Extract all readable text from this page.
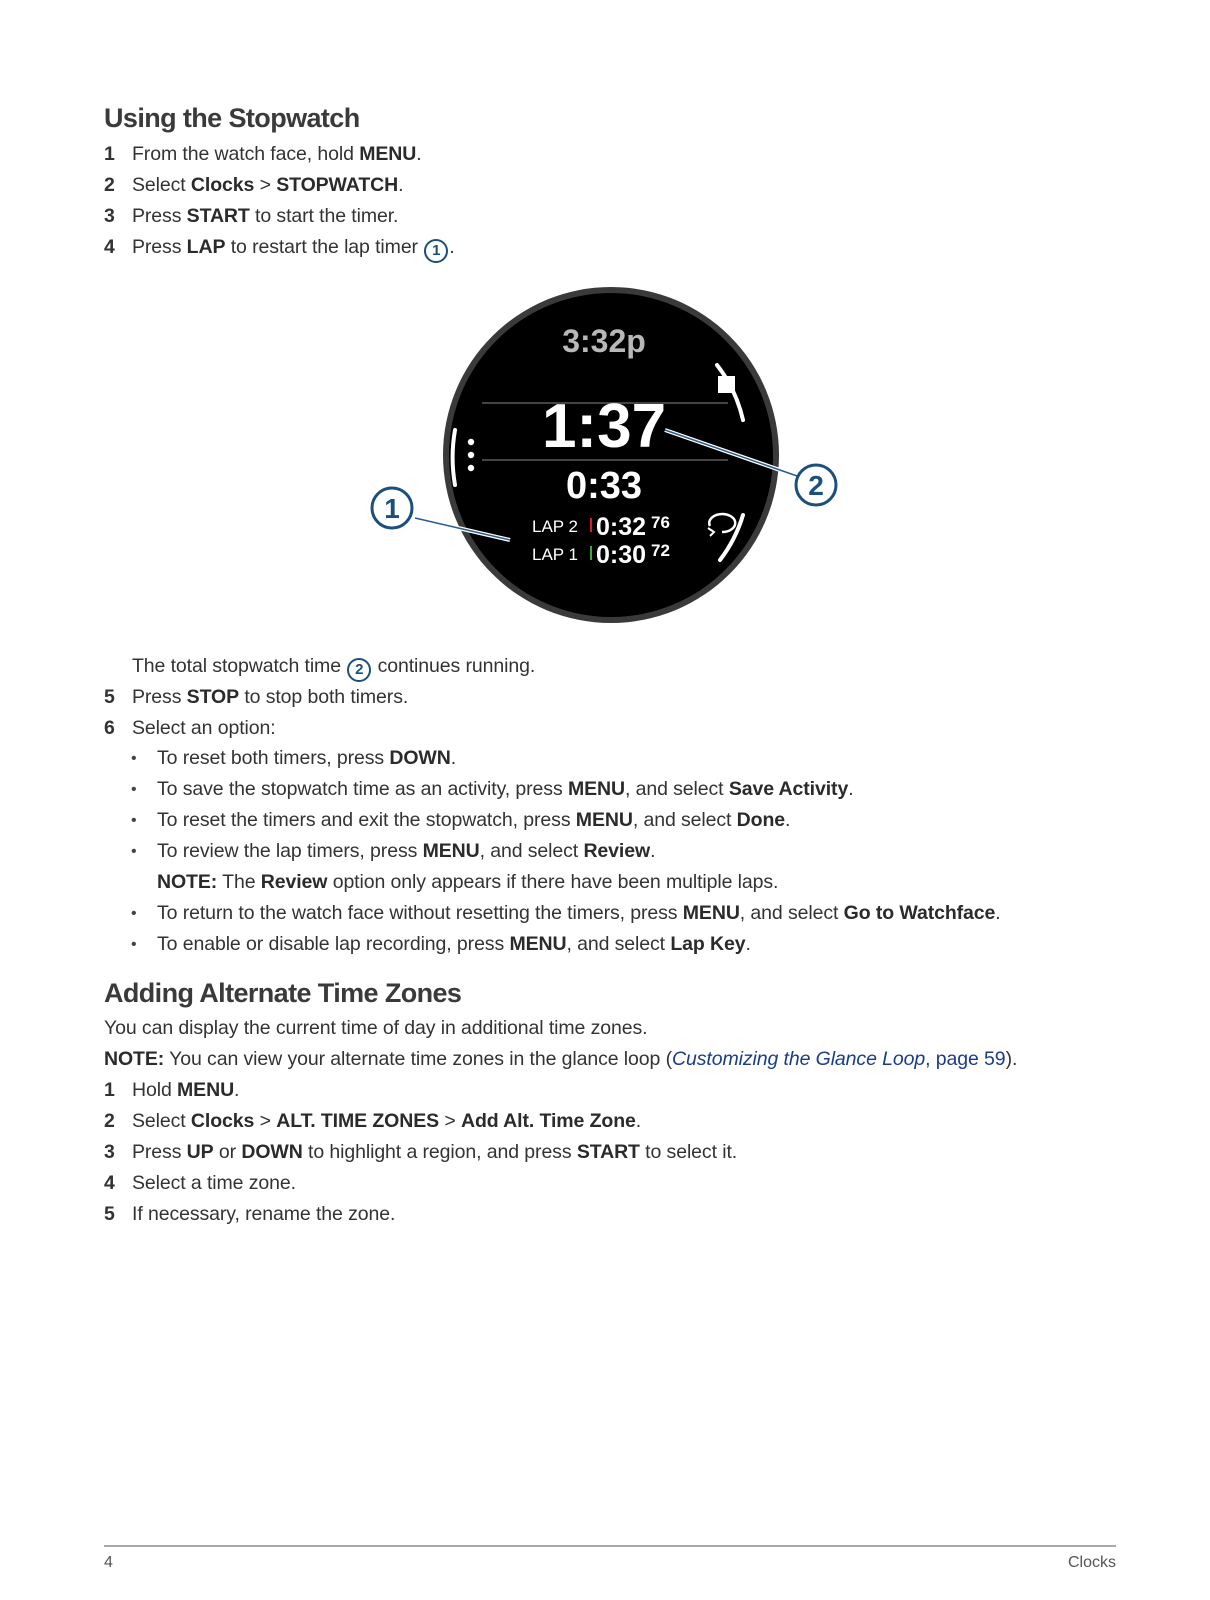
Using the Stopwatch
1 From the watch face, hold MENU.
2 Select Clocks > STOPWATCH.
3 Press START to start the timer.
4 Press LAP to restart the lap timer 1 .
3:32p
1:37
0:33
LAP 2 0:32 76
LAP 1 0:30 72
2
1
The total stopwatch time 2 continues running.
5 Press STOP to stop both timers.
6 Select an option:
• To reset both timers, press DOWN.
• To save the stopwatch time as an activity, press MENU, and select Save Activity.
• To reset the timers and exit the stopwatch, press MENU, and select Done.
• To review the lap timers, press MENU, and select Review.
NOTE: The Review option only appears if there have been multiple laps.
• To return to the watch face without resetting the timers, press MENU, and select Go to Watchface.
• To enable or disable lap recording, press MENU, and select Lap Key.
Adding Alternate Time Zones
You can display the current time of day in additional time zones.
NOTE: You can view your alternate time zones in the glance loop (Customizing the Glance Loop, page 59).
1 Hold MENU.
2 Select Clocks > ALT. TIME ZONES > Add Alt. Time Zone.
3 Press UP or DOWN to highlight a region, and press START to select it.
4 Select a time zone.
5 If necessary, rename the zone.
4	Clocks
